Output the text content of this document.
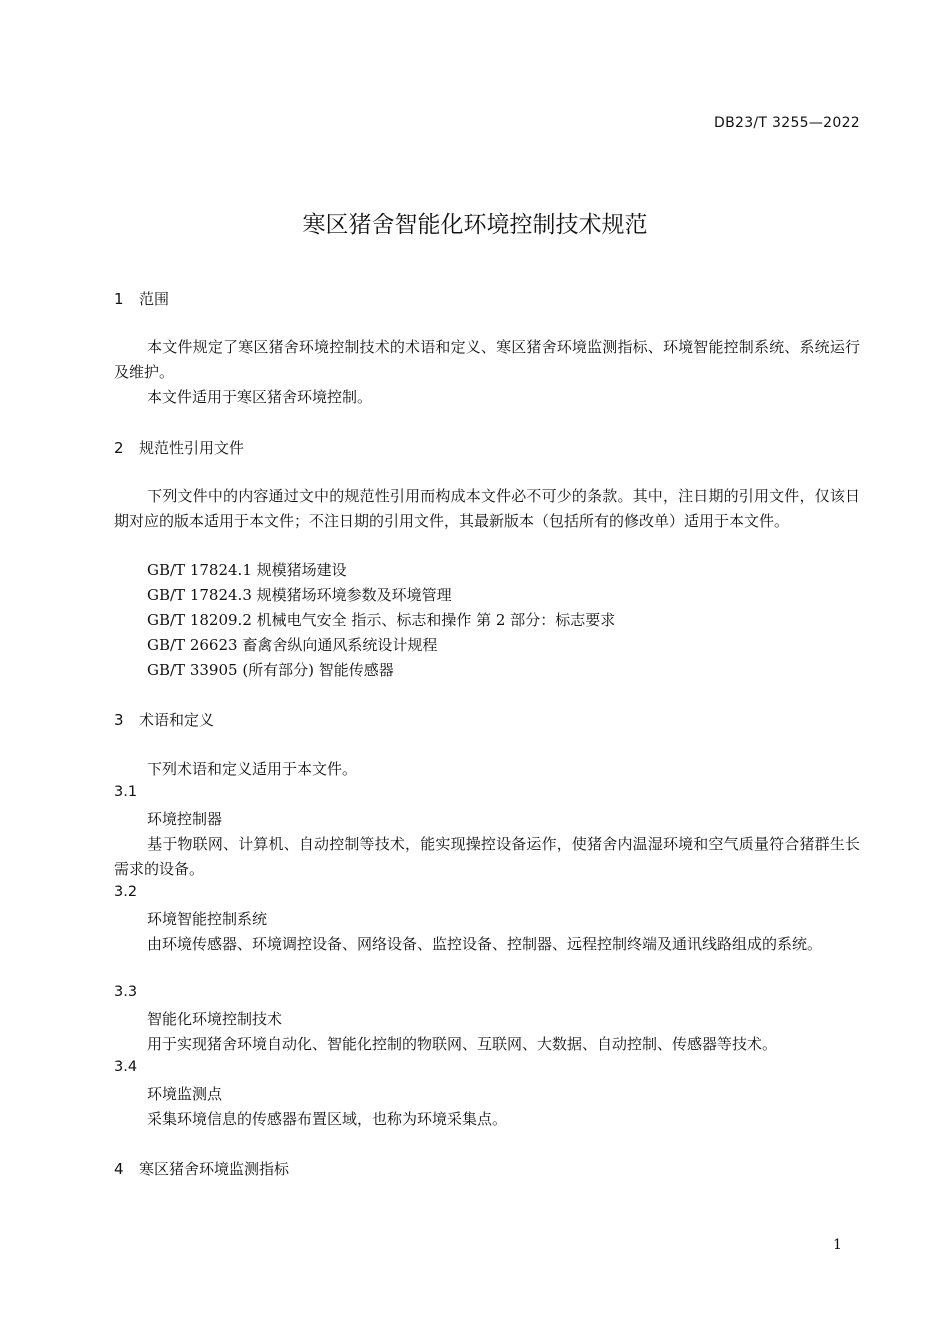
DB23/T 3255—2022
寒区猪舍智能化环境控制技术规范
1 范围
本文件规定了寒区猪舍环境控制技术的术语和定义、寒区猪舍环境监测指标、环境智能控制系统、系统运行及维护。
本文件适用于寒区猪舍环境控制。
2 规范性引用文件
下列文件中的内容通过文中的规范性引用而构成本文件必不可少的条款。其中，注日期的引用文件，仅该日期对应的版本适用于本文件；不注日期的引用文件，其最新版本（包括所有的修改单）适用于本文件。
GB/T 17824.1 规模猪场建设
GB/T 17824.3 规模猪场环境参数及环境管理
GB/T 18209.2 机械电气安全 指示、标志和操作 第 2 部分：标志要求
GB/T 26623 畜禽舍纵向通风系统设计规程
GB/T 33905 (所有部分) 智能传感器
3 术语和定义
下列术语和定义适用于本文件。
3.1
环境控制器
基于物联网、计算机、自动控制等技术，能实现操控设备运作，使猪舍内温湿环境和空气质量符合猪群生长需求的设备。
3.2
环境智能控制系统
由环境传感器、环境调控设备、网络设备、监控设备、控制器、远程控制终端及通讯线路组成的系统。
3.3
智能化环境控制技术
用于实现猪舍环境自动化、智能化控制的物联网、互联网、大数据、自动控制、传感器等技术。
3.4
环境监测点
采集环境信息的传感器布置区域，也称为环境采集点。
4 寒区猪舍环境监测指标
1
